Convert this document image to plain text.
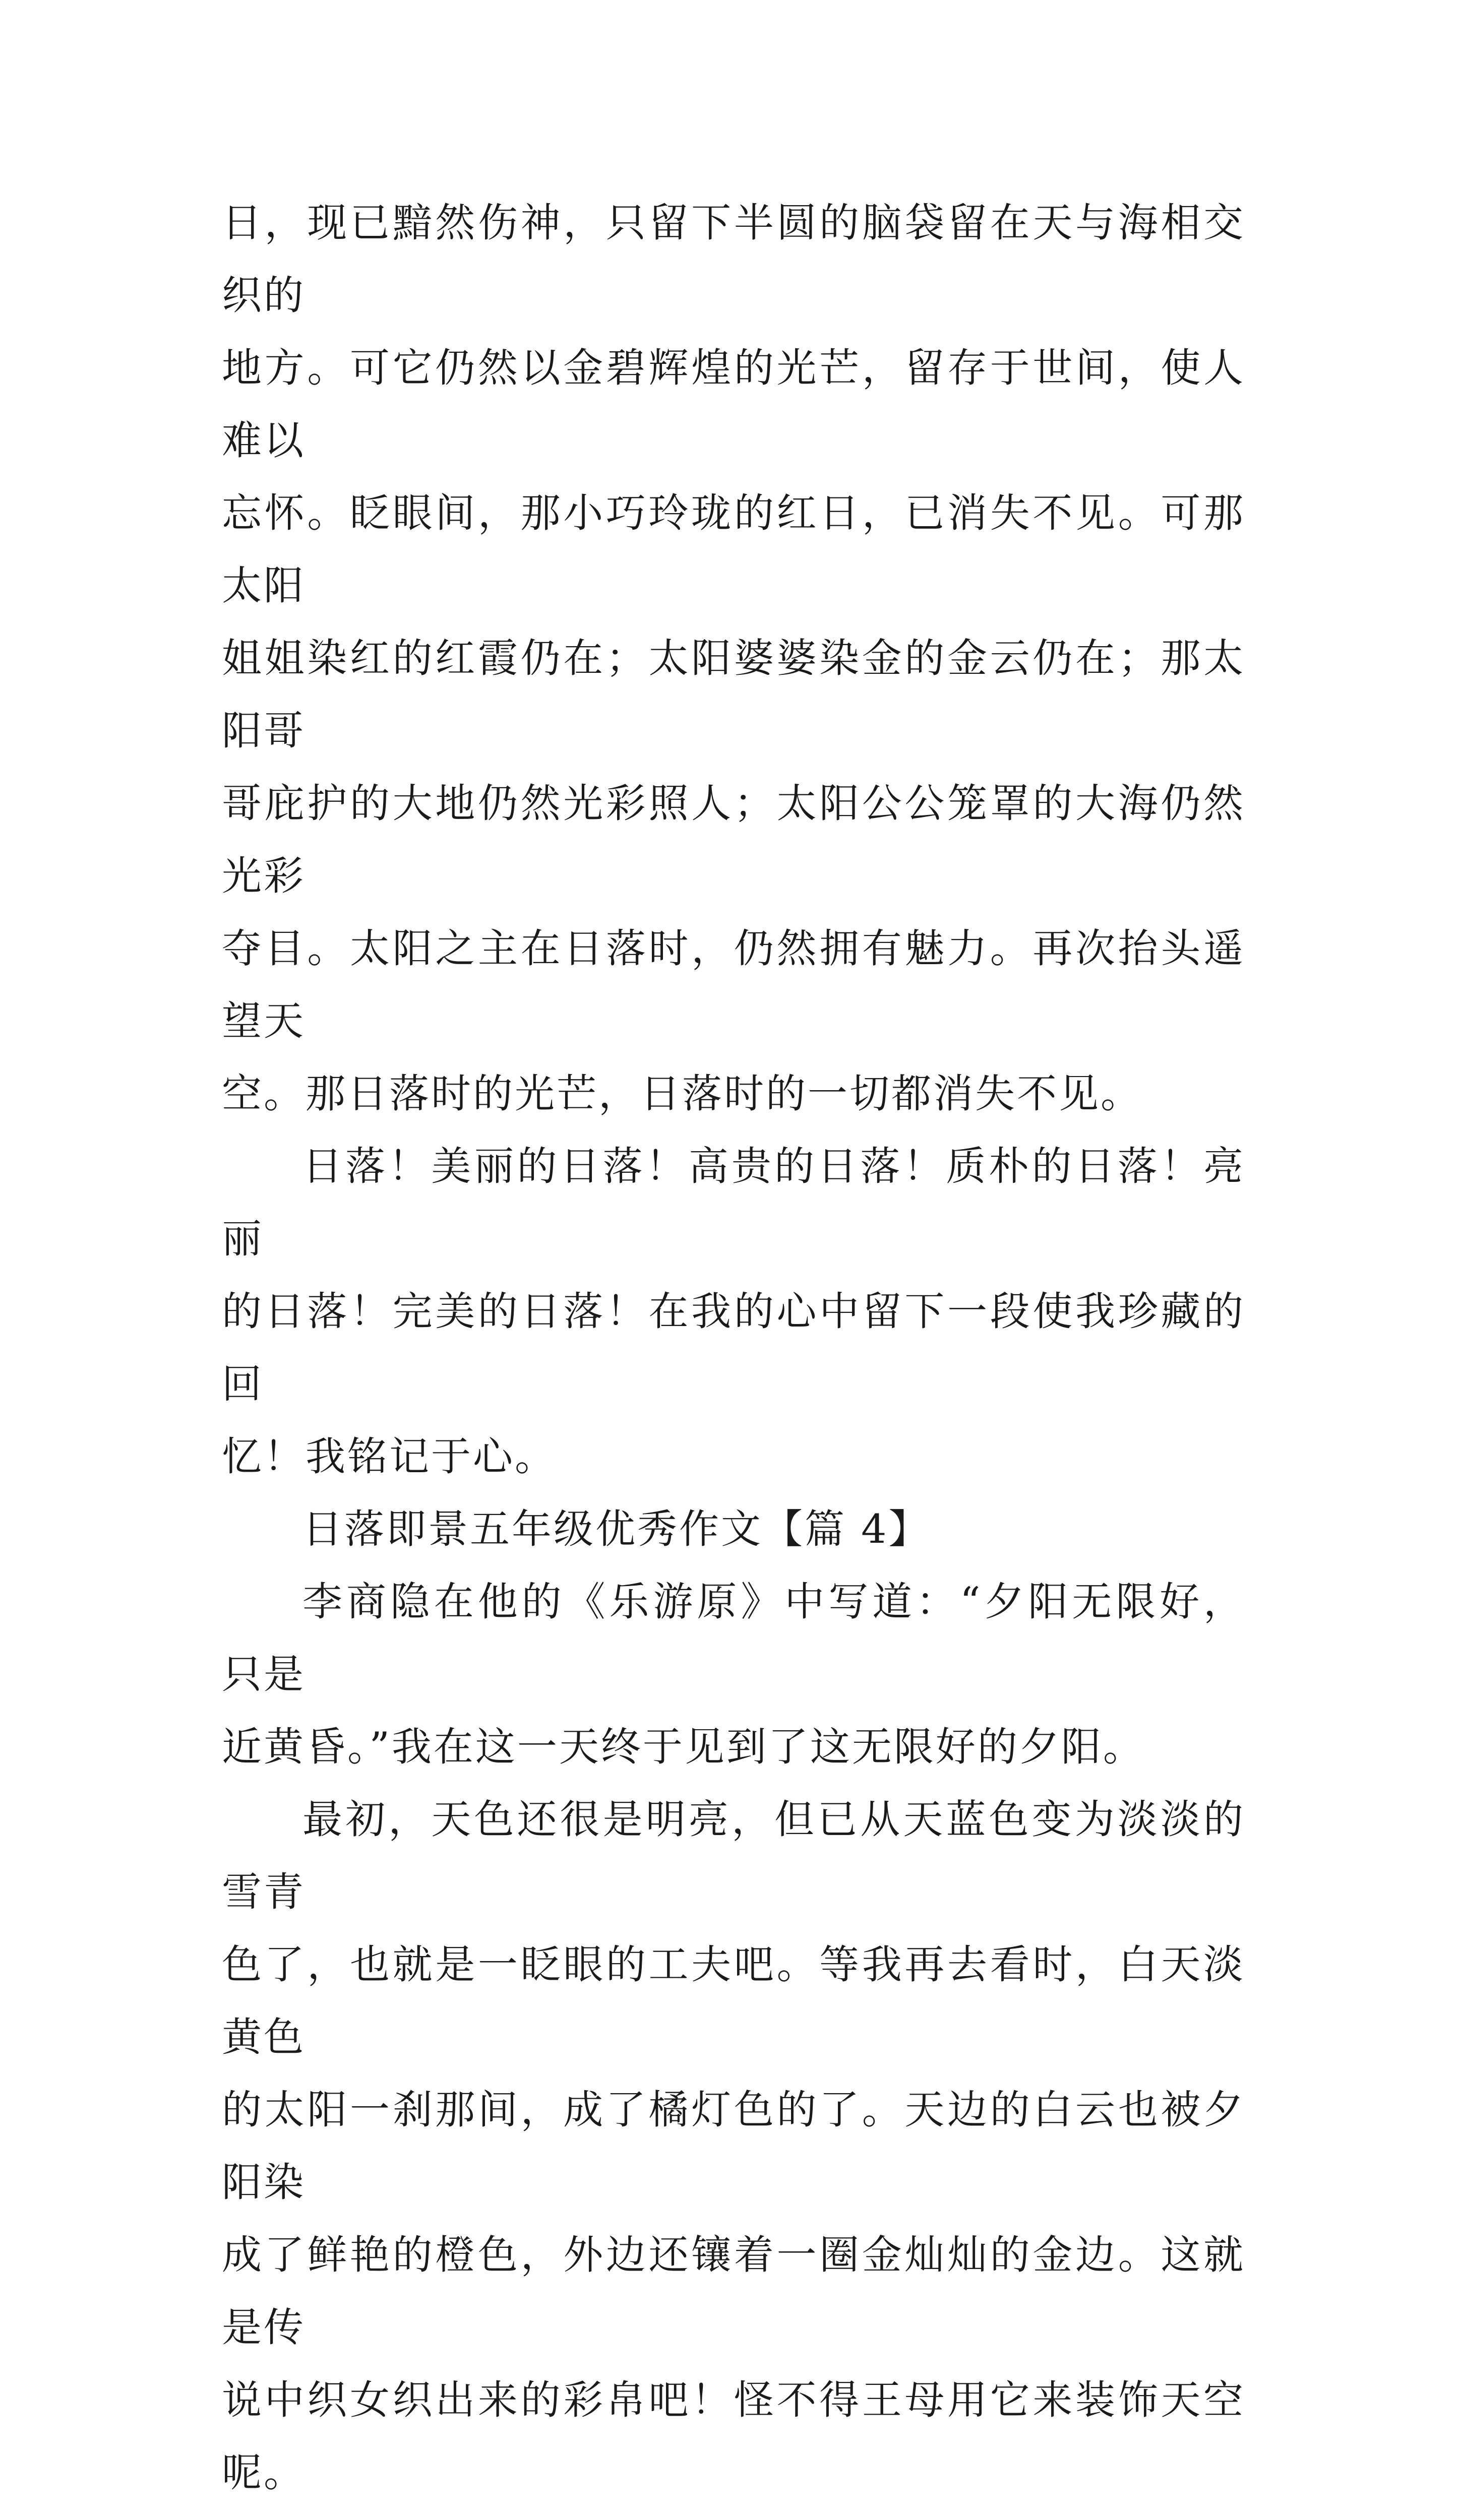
日，现已黯然伤神，只留下半圆的脑袋留在天与海相交织的
地方。可它仍然以金碧辉煌的光芒，留存于世间，使人难以
忘怀。眨眼间，那小巧玲珑的红日，已消失不见。可那太阳
姐姐染红的红霞仍在；太阳婆婆染金的金云仍在；那太阳哥
哥庇护的大地仍然光彩照人；太阳公公笼罩的大海仍然光彩
夺目。太阳之主在日落时，仍然拥有魅力。再次抬头遥望天
空。那日落时的光芒，日落时的一切都消失不见。

日落！美丽的日落！高贵的日落！质朴的日落！亮丽
的日落！完美的日落！在我的心中留下一段使我珍藏的回
忆！我铭记于心。

日落即景五年级优秀作文【篇 4】

李商隐在他的《乐游原》中写道：“夕阳无限好，只是
近黄昏。”我在这一天终于见到了这无限好的夕阳。

最初，天色还很是明亮，但已从天蓝色变为淡淡的雪青
色了，也就是一眨眼的工夫吧。等我再去看时，白天淡黄色
的太阳一刹那间，成了橘灯色的了。天边的白云也被夕阳染
成了鲜艳的橙色，外边还镶着一圈金灿灿的金边。这就是传
说中织女织出来的彩帛吧！怪不得王母用它来装饰天空呢。
